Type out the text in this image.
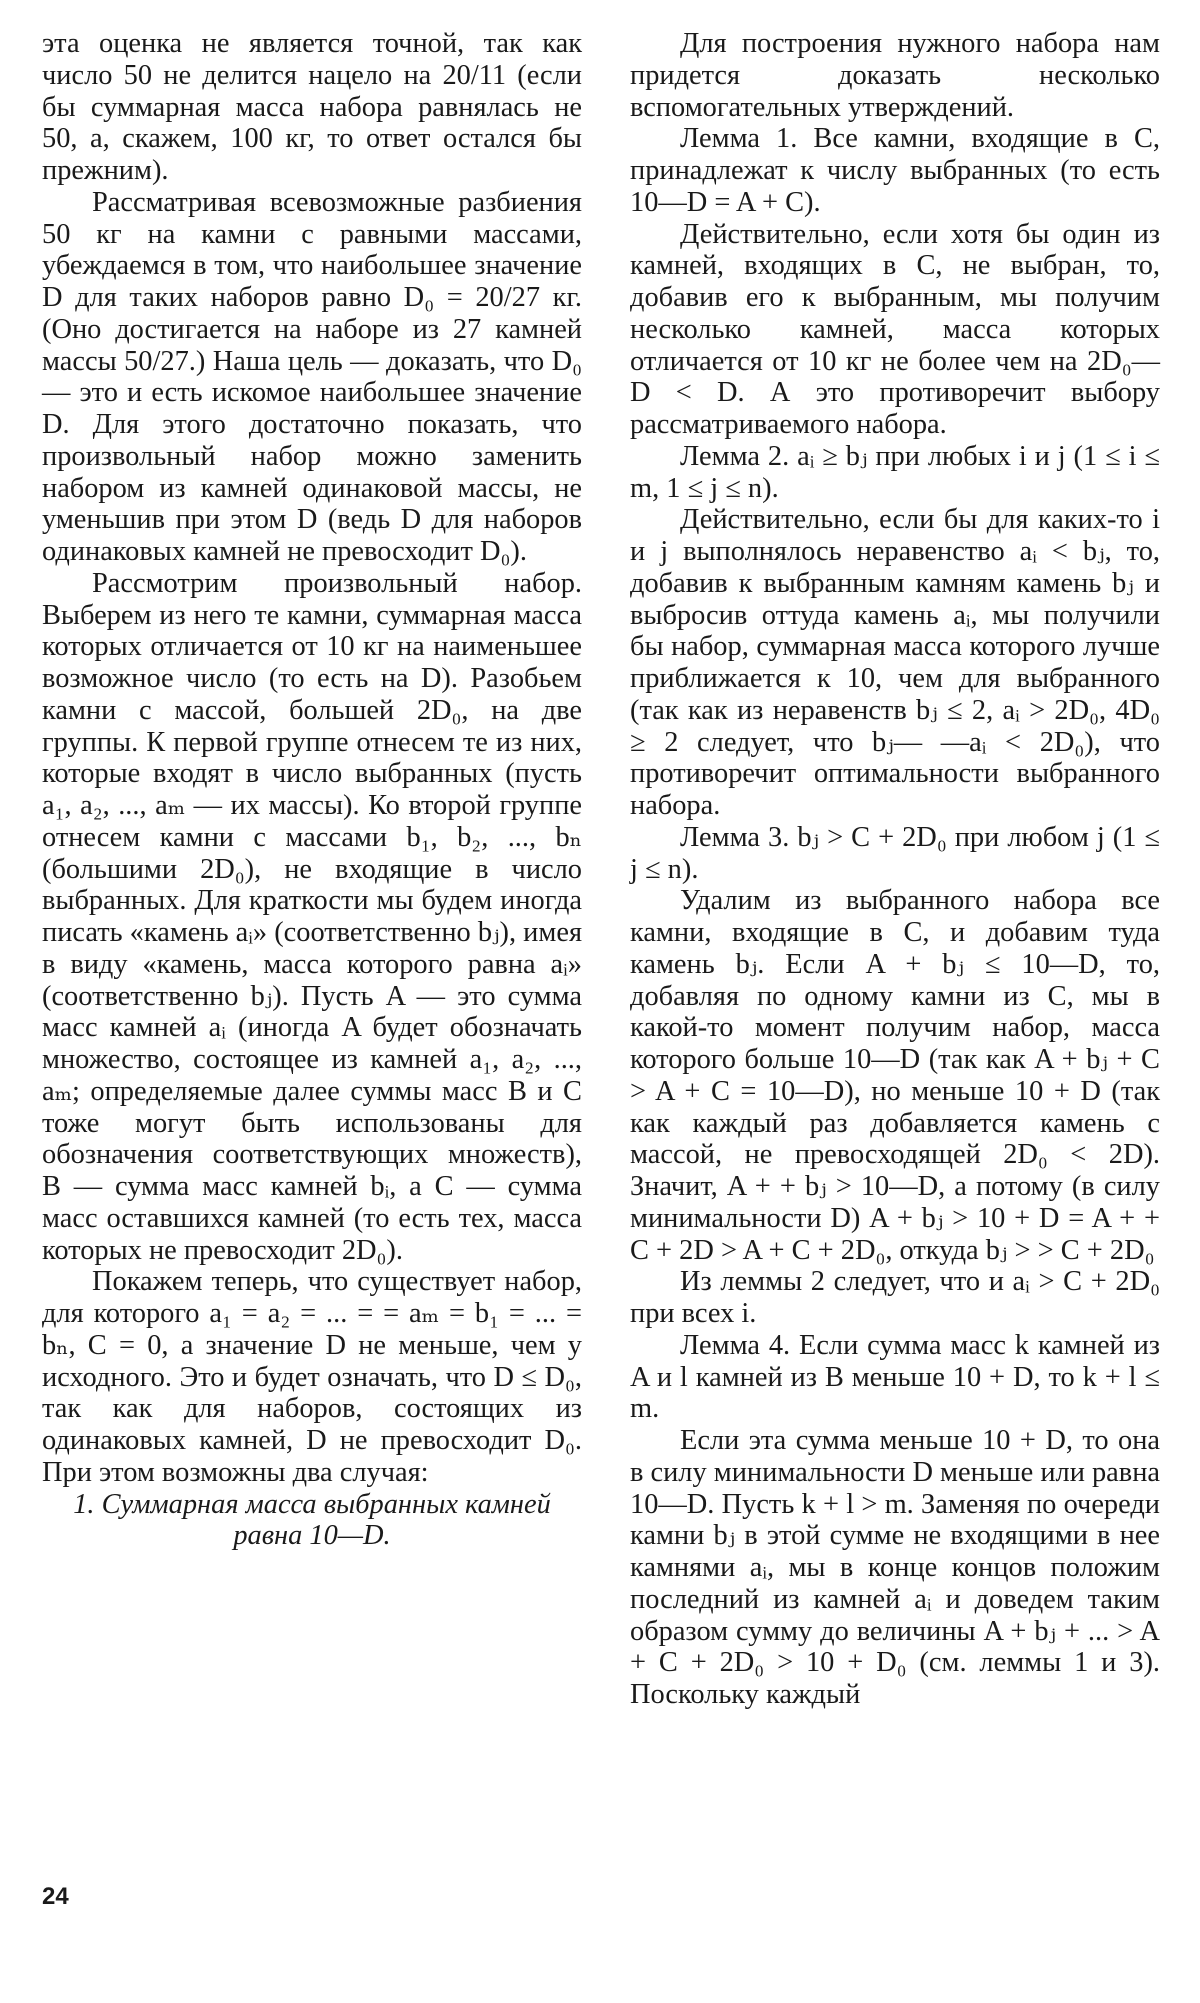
эта оценка не является точной, так как число 50 не делится нацело на 20/11 (если бы суммарная масса набора равнялась не 50, а, скажем, 100 кг, то ответ остался бы прежним).

Рассматривая всевозможные разбиения 50 кг на камни с равными массами, убеждаемся в том, что наибольшее значение D для таких наборов равно D₀ = 20/27 кг. (Оно достигается на наборе из 27 камней массы 50/27.) Наша цель — доказать, что D₀ — это и есть искомое наибольшее значение D. Для этого достаточно показать, что произвольный набор можно заменить набором из камней одинаковой массы, не уменьшив при этом D (ведь D для наборов одинаковых камней не превосходит D₀).

Рассмотрим произвольный набор. Выберем из него те камни, суммарная масса которых отличается от 10 кг на наименьшее возможное число (то есть на D). Разобьем камни с массой, большей 2D₀, на две группы. К первой группе отнесем те из них, которые входят в число выбранных (пусть a₁, a₂, ..., aₘ — их массы). Ко второй группе отнесем камни с массами b₁, b₂, ..., bₙ (большими 2D₀), не входящие в число выбранных. Для краткости мы будем иногда писать «камень aᵢ» (соответственно bⱼ), имея в виду «камень, масса которого равна aᵢ» (соответственно bⱼ). Пусть A — это сумма масс камней aᵢ (иногда A будет обозначать множество, состоящее из камней a₁, a₂, ..., aₘ; определяемые далее суммы масс B и C тоже могут быть использованы для обозначения соответствующих множеств), B — сумма масс камней bᵢ, а C — сумма масс оставшихся камней (то есть тех, масса которых не превосходит 2D₀).

Покажем теперь, что существует набор, для которого a₁ = a₂ = ... = = aₘ = b₁ = ... = bₙ, C = 0, а значение D не меньше, чем у исходного. Это и будет означать, что D ≤ D₀, так как для наборов, состоящих из одинаковых камней, D не превосходит D₀. При этом возможны два случая:

1. Суммарная масса выбранных камней равна 10—D.

Для построения нужного набора нам придется доказать несколько вспомогательных утверждений.

Лемма 1. Все камни, входящие в C, принадлежат к числу выбранных (то есть 10—D = A + C).

Действительно, если хотя бы один из камней, входящих в C, не выбран, то, добавив его к выбранным, мы получим несколько камней, масса которых отличается от 10 кг не более чем на 2D₀—D < D. А это противоречит выбору рассматриваемого набора.

Лемма 2. aᵢ ≥ bⱼ при любых i и j (1 ≤ i ≤ m, 1 ≤ j ≤ n).

Действительно, если бы для каких-то i и j выполнялось неравенство aᵢ < bⱼ, то, добавив к выбранным камням камень bⱼ и выбросив оттуда камень aᵢ, мы получили бы набор, суммарная масса которого лучше приближается к 10, чем для выбранного (так как из неравенств bⱼ ≤ 2, aᵢ > 2D₀, 4D₀ ≥ 2 следует, что bⱼ— —aᵢ < 2D₀), что противоречит оптимальности выбранного набора.

Лемма 3. bⱼ > C + 2D₀ при любом j (1 ≤ j ≤ n).

Удалим из выбранного набора все камни, входящие в C, и добавим туда камень bⱼ. Если A + bⱼ ≤ 10—D, то, добавляя по одному камни из C, мы в какой-то момент получим набор, масса которого больше 10—D (так как A + bⱼ + C > A + C = 10—D), но меньше 10 + D (так как каждый раз добавляется камень с массой, не превосходящей 2D₀ < 2D). Значит, A + + bⱼ > 10—D, а потому (в силу минимальности D) A + bⱼ > 10 + D = A + + C + 2D > A + C + 2D₀, откуда bⱼ > > C + 2D₀

Из леммы 2 следует, что и aᵢ > C + 2D₀ при всех i.

Лемма 4. Если сумма масс k камней из A и l камней из B меньше 10 + D, то k + l ≤ m.

Если эта сумма меньше 10 + D, то она в силу минимальности D меньше или равна 10—D. Пусть k + l > m. Заменяя по очереди камни bⱼ в этой сумме не входящими в нее камнями aᵢ, мы в конце концов положим последний из камней aᵢ и доведем таким образом сумму до величины A + bⱼ + ... > A + C + 2D₀ > 10 + D₀ (см. леммы 1 и 3). Поскольку каждый

24
